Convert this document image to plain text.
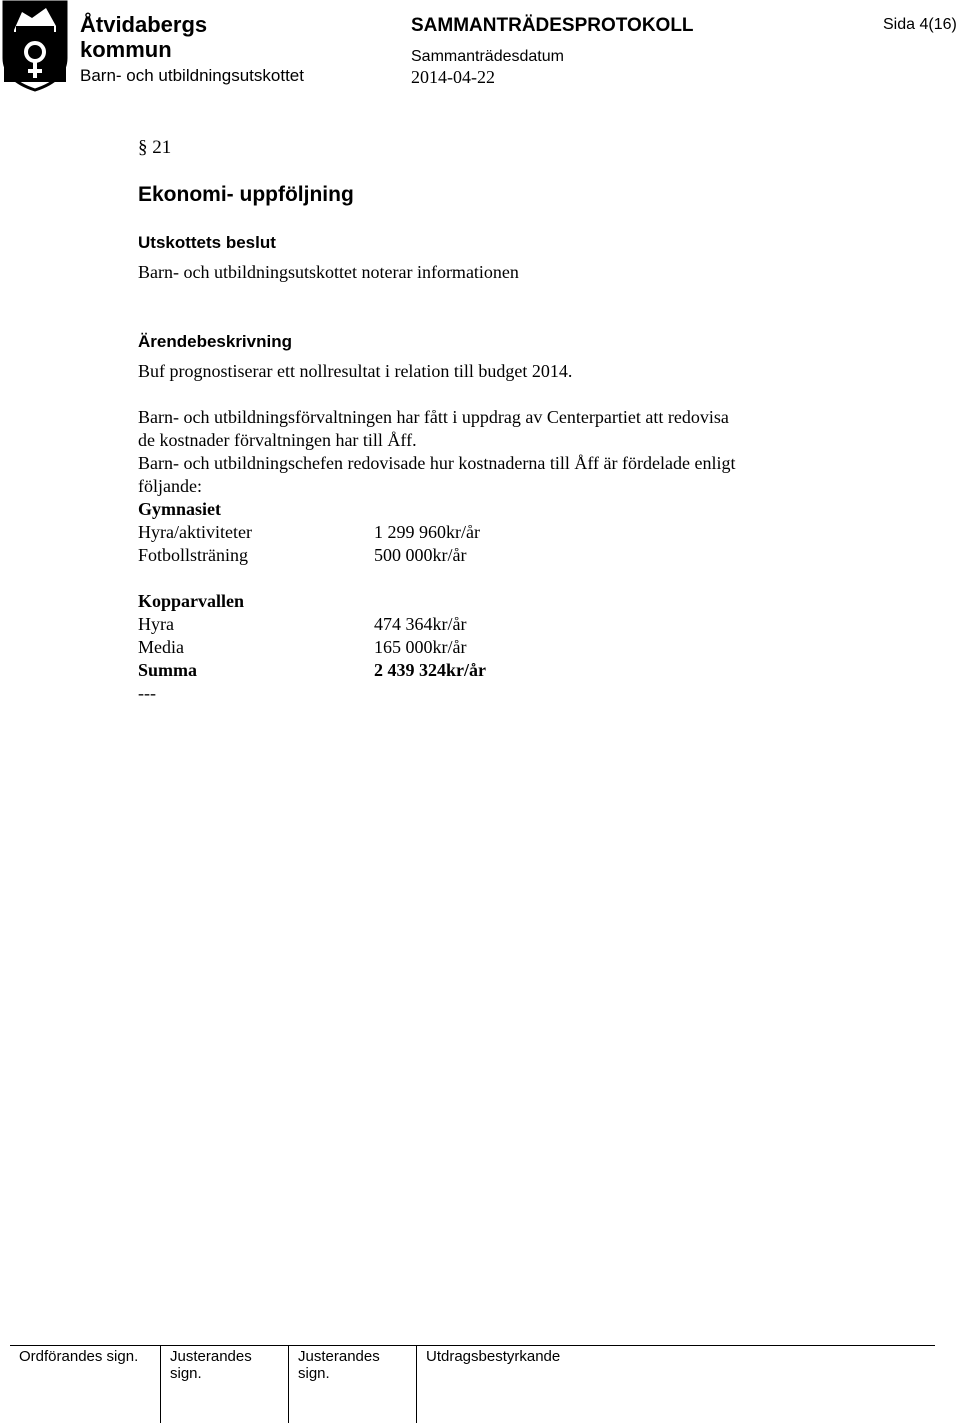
Åtvidabergs
kommun
Barn- och utbildningsutskottet
SAMMANTRÄDESPROTOKOLL
Sammanträdesdatum
2014-04-22
Sida 4(16)
§ 21
Ekonomi- uppföljning
Utskottets beslut
Barn- och utbildningsutskottet noterar informationen
Ärendebeskrivning
Buf prognostiserar ett nollresultat i relation till budget 2014.
Barn- och utbildningsförvaltningen har fått i uppdrag av Centerpartiet att redovisa
de kostnader förvaltningen har till Åff.
Barn- och utbildningschefen redovisade hur kostnaderna till Åff är fördelade enligt
följande:
Gymnasiet
Hyra/aktiviteter	1 299 960kr/år
Fotbollsträning	500 000kr/år
Kopparvallen
Hyra	474 364kr/år
Media	165 000kr/år
Summa	2 439 324kr/år
---
Ordförandes sign. Justerandes
sign.
Justerandes
sign.
Utdragsbestyrkande
